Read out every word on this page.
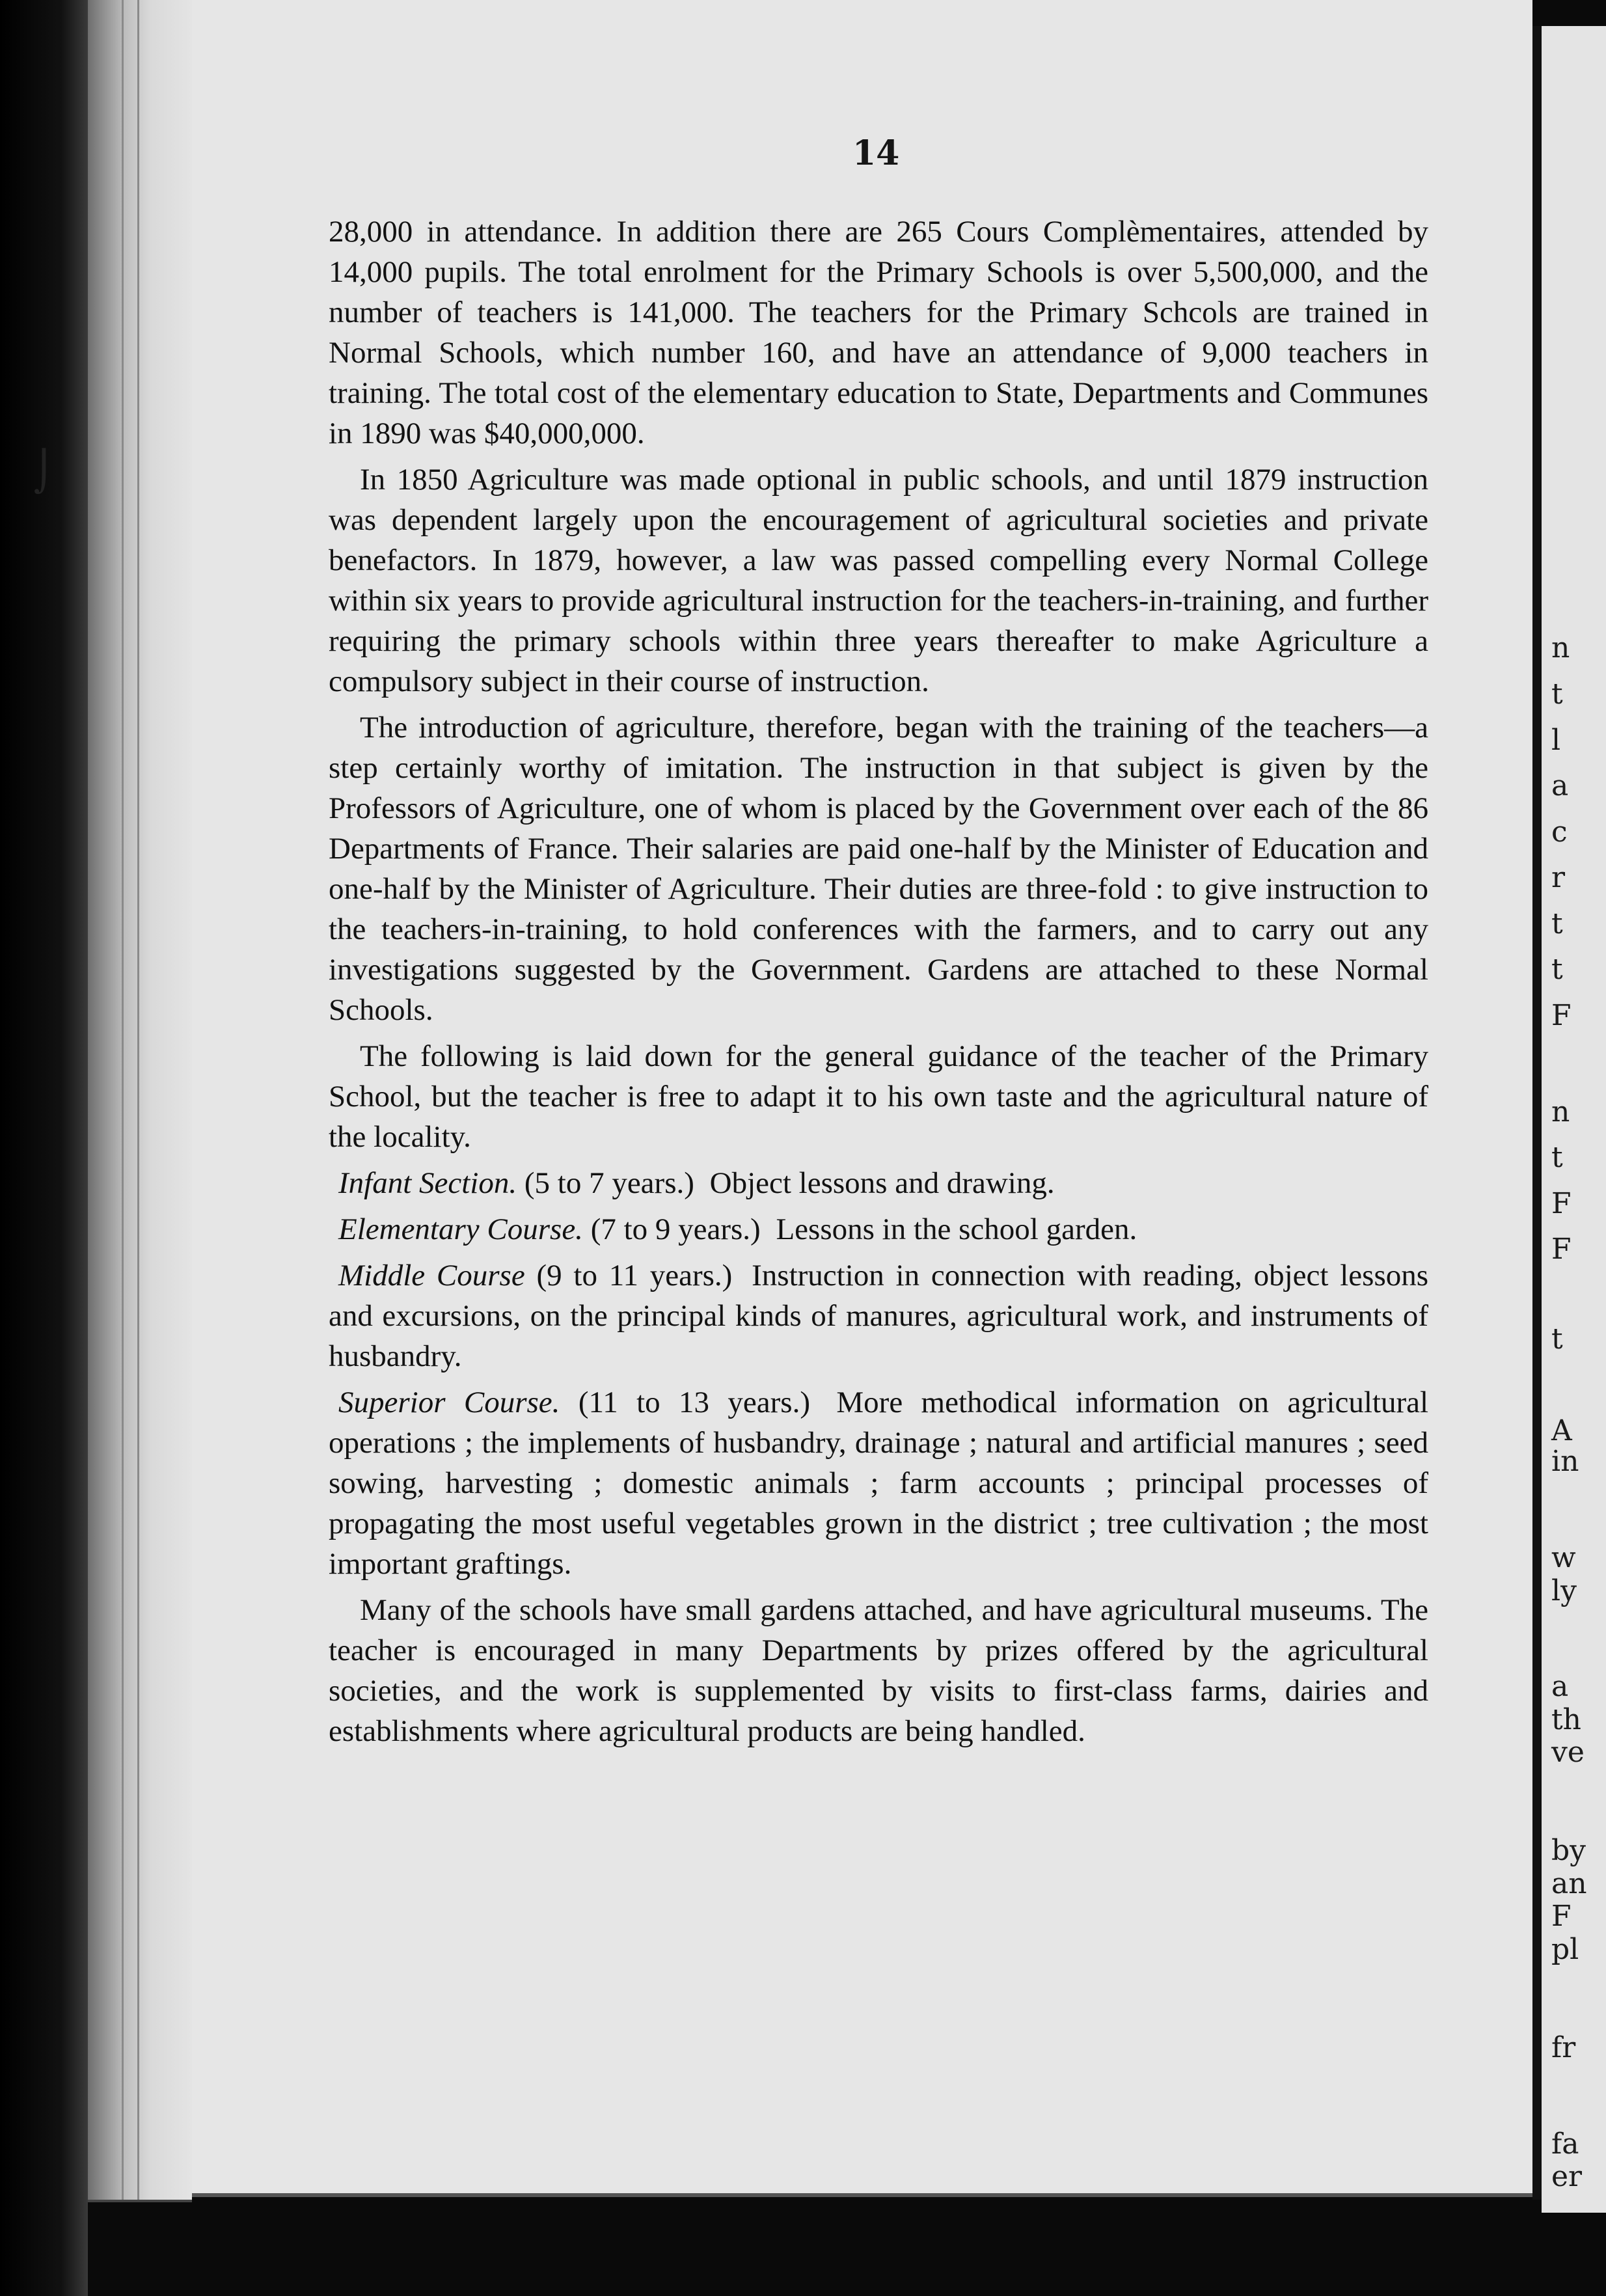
⌡
14

28,000 in attendance. In addition there are 265 Cours Complèmentaires, attended by 14,000 pupils. The total enrolment for the Primary Schools is over 5,500,000, and the number of teachers is 141,000. The teachers for the Primary Schcols are trained in Normal Schools, which number 160, and have an attendance of 9,000 teachers in training. The total cost of the elementary education to State, Departments and Communes in 1890 was $40,000,000.

In 1850 Agriculture was made optional in public schools, and until 1879 instruction was dependent largely upon the encouragement of agricultural societies and private benefactors. In 1879, however, a law was passed compelling every Normal College within six years to provide agricultural instruction for the teachers-in-training, and further requiring the primary schools within three years thereafter to make Agriculture a compulsory subject in their course of instruction.

The introduction of agriculture, therefore, began with the training of the teachers—a step certainly worthy of imitation. The instruction in that subject is given by the Professors of Agriculture, one of whom is placed by the Government over each of the 86 Departments of France. Their salaries are paid one-half by the Minister of Education and one-half by the Minister of Agriculture. Their duties are three-fold : to give instruction to the teachers-in-training, to hold conferences with the farmers, and to carry out any investigations suggested by the Government. Gardens are attached to these Normal Schools.

The following is laid down for the general guidance of the teacher of the Primary School, but the teacher is free to adapt it to his own taste and the agricultural nature of the locality.

Infant Section. (5 to 7 years.) Object lessons and drawing.

Elementary Course. (7 to 9 years.) Lessons in the school garden.

Middle Course (9 to 11 years.) Instruction in connection with reading, object lessons and excursions, on the principal kinds of manures, agricultural work, and instruments of husbandry.

Superior Course. (11 to 13 years.) More methodical information on agricultural operations ; the implements of husbandry, drainage ; natural and artificial manures ; seed sowing, harvesting ; domestic animals ; farm accounts ; principal processes of propagating the most useful vegetables grown in the district ; tree cultivation ; the most important graftings.

Many of the schools have small gardens attached, and have agricultural museums. The teacher is encouraged in many Departments by prizes offered by the agricultural societies, and the work is supplemented by visits to first-class farms, dairies and establishments where agricultural products are being handled.

n
t
l
a
c
r
t
t
F
n
t
F
F
t
A
in
w
ly
a
th
ve
by
an
F
pl
fr
fa
er
